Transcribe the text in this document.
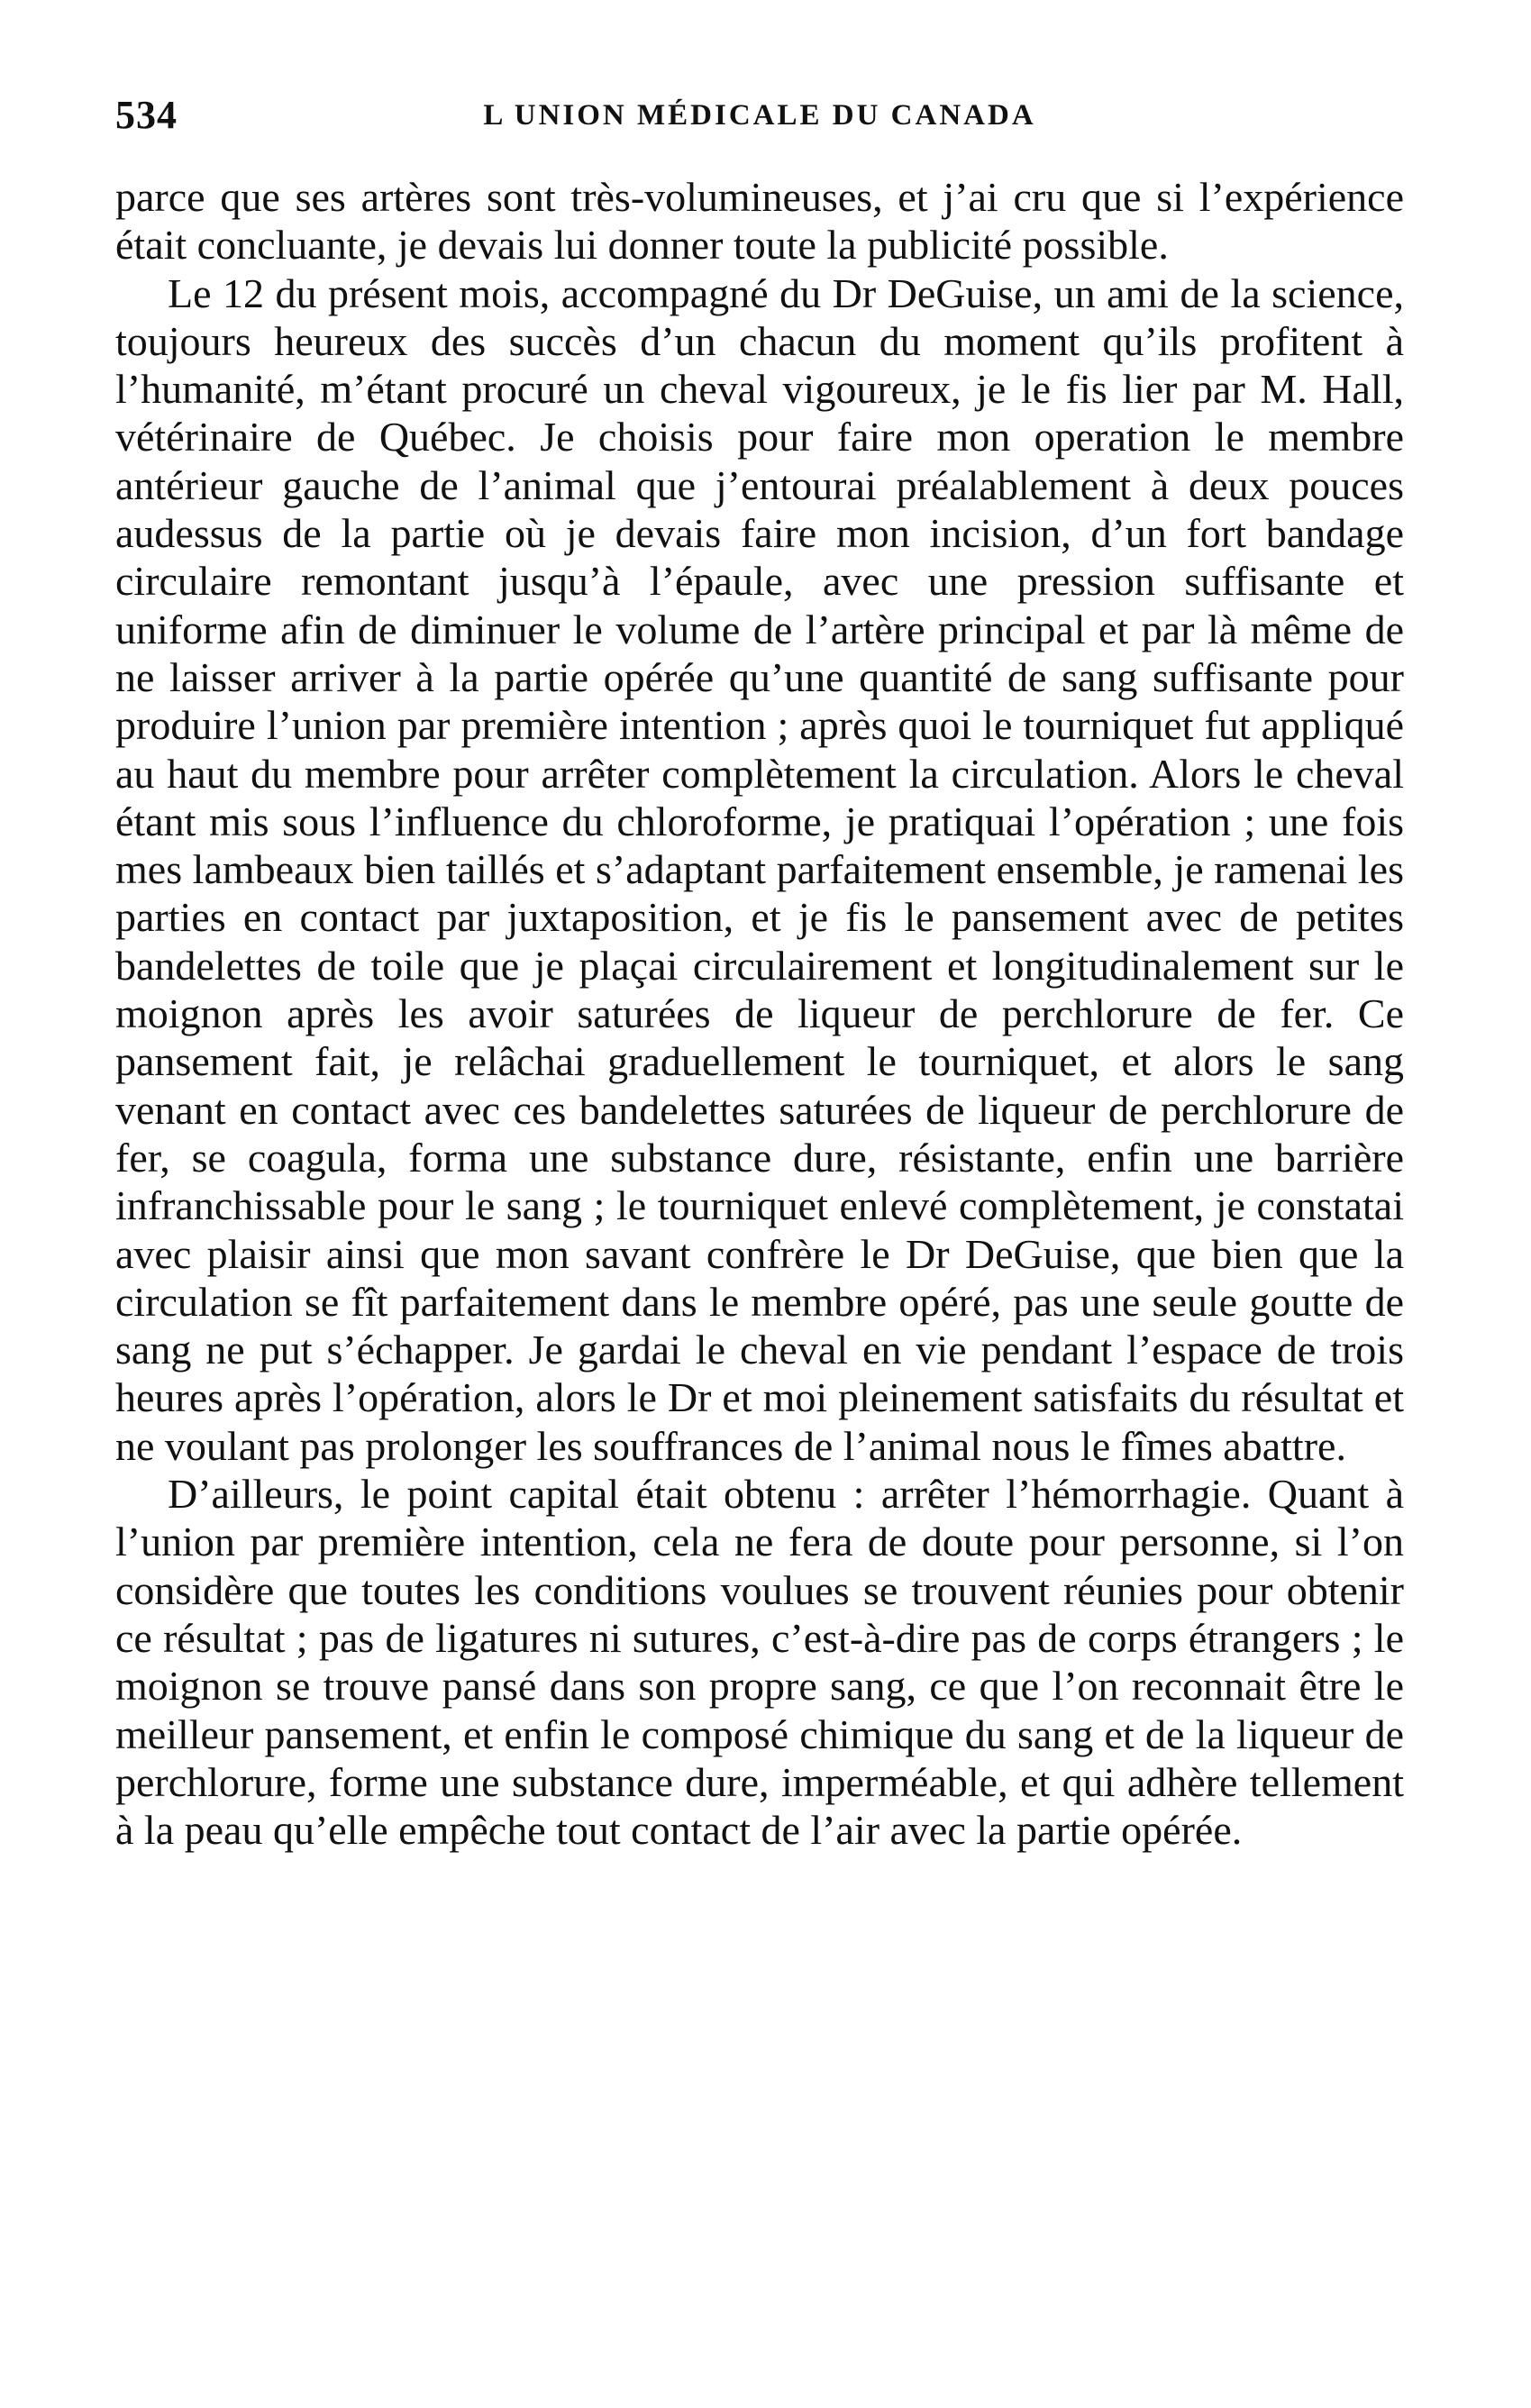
534	L UNION MÉDICALE DU CANADA

parce que ses artères sont très-volumineuses, et j’ai cru que si l’expérience était concluante, je devais lui donner toute la publicité possible.

Le 12 du présent mois, accompagné du Dr DeGuise, un ami de la science, toujours heureux des succès d’un chacun du moment qu’ils profitent à l’humanité, m’étant procuré un cheval vigoureux, je le fis lier par M. Hall, vétérinaire de Québec. Je choisis pour faire mon operation le membre antérieur gauche de l’animal que j’entourai préalablement à deux pouces audessus de la partie où je devais faire mon incision, d’un fort bandage circulaire remontant jusqu’à l’épaule, avec une pression suffisante et uniforme afin de diminuer le volume de l’artère principal et par là même de ne laisser arriver à la partie opérée qu’une quantité de sang suffisante pour produire l’union par première intention ; après quoi le tourniquet fut appliqué au haut du membre pour arrêter complètement la circulation. Alors le cheval étant mis sous l’influence du chloroforme, je pratiquai l’opération ; une fois mes lambeaux bien taillés et s’adaptant parfaitement ensemble, je ramenai les parties en contact par juxtaposition, et je fis le pansement avec de petites bandelettes de toile que je plaçai circulairement et longitudinalement sur le moignon après les avoir saturées de liqueur de perchlorure de fer. Ce pansement fait, je relâchai graduellement le tourniquet, et alors le sang venant en contact avec ces bandelettes saturées de liqueur de perchlorure de fer, se coagula, forma une substance dure, résistante, enfin une barrière infranchissable pour le sang ; le tourniquet enlevé complètement, je constatai avec plaisir ainsi que mon savant confrère le Dr DeGuise, que bien que la circulation se fît parfaitement dans le membre opéré, pas une seule goutte de sang ne put s’échapper. Je gardai le cheval en vie pendant l’espace de trois heures après l’opération, alors le Dr et moi pleinement satisfaits du résultat et ne voulant pas prolonger les souffrances de l’animal nous le fîmes abattre.

D’ailleurs, le point capital était obtenu : arrêter l’hémorrhagie. Quant à l’union par première intention, cela ne fera de doute pour personne, si l’on considère que toutes les conditions voulues se trouvent réunies pour obtenir ce résultat ; pas de ligatures ni sutures, c’est-à-dire pas de corps étrangers ; le moignon se trouve pansé dans son propre sang, ce que l’on reconnait être le meilleur pansement, et enfin le composé chimique du sang et de la liqueur de perchlorure, forme une substance dure, imperméable, et qui adhère tellement à la peau qu’elle empêche tout contact de l’air avec la partie opérée.
